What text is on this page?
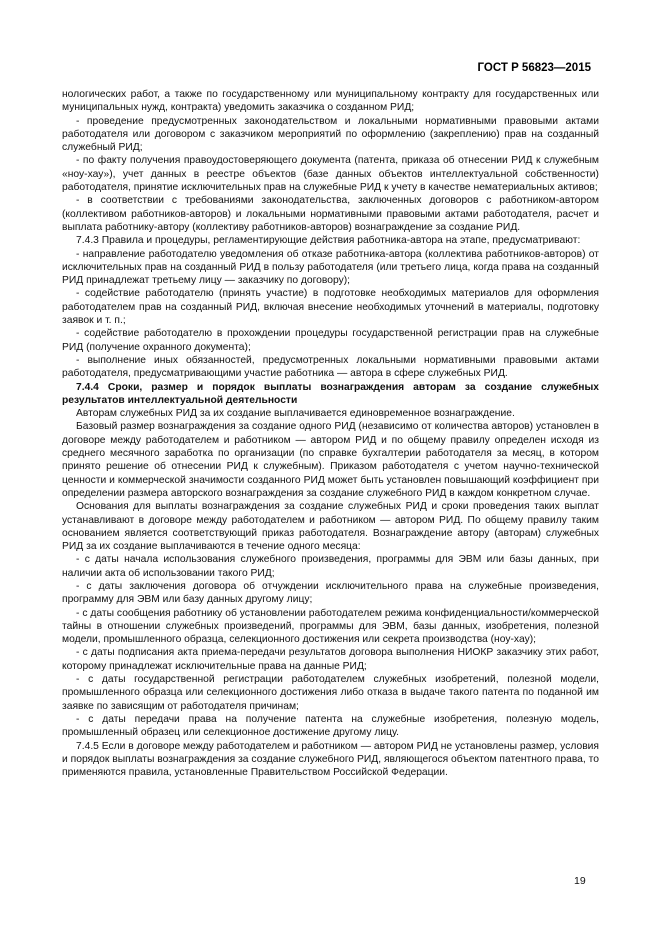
ГОСТ Р 56823—2015

нологических работ, а также по государственному или муниципальному контракту для государственных или муниципальных нужд, контракта) уведомить заказчика о созданном РИД;

- проведение предусмотренных законодательством и локальными нормативными правовыми актами работодателя или договором с заказчиком мероприятий по оформлению (закреплению) прав на созданный служебный РИД;

- по факту получения правоудостоверяющего документа (патента, приказа об отнесении РИД к служебным «ноу-хау»), учет данных в реестре объектов (базе данных объектов интеллектуальной собственности) работодателя, принятие исключительных прав на служебные РИД к учету в качестве нематериальных активов;

- в соответствии с требованиями законодательства, заключенных договоров с работником-автором (коллективом работников-авторов) и локальными нормативными правовыми актами работодателя, расчет и выплата работнику-автору (коллективу работников-авторов) вознаграждение за создание РИД.

7.4.3 Правила и процедуры, регламентирующие действия работника-автора на этапе, предусматривают:

- направление работодателю уведомления об отказе работника-автора (коллектива работников-авторов) от исключительных прав на созданный РИД в пользу работодателя (или третьего лица, когда права на созданный РИД принадлежат третьему лицу — заказчику по договору);

- содействие работодателю (принять участие) в подготовке необходимых материалов для оформления работодателем прав на созданный РИД, включая внесение необходимых уточнений в материалы, подготовку заявок и т. п.;

- содействие работодателю в прохождении процедуры государственной регистрации прав на служебные РИД (получение охранного документа);

- выполнение иных обязанностей, предусмотренных локальными нормативными правовыми актами работодателя, предусматривающими участие работника — автора в сфере служебных РИД.

7.4.4 Сроки, размер и порядок выплаты вознаграждения авторам за создание служебных результатов интеллектуальной деятельности

Авторам служебных РИД за их создание выплачивается единовременное вознаграждение.

Базовый размер вознаграждения за создание одного РИД (независимо от количества авторов) установлен в договоре между работодателем и работником — автором РИД и по общему правилу определен исходя из среднего месячного заработка по организации (по справке бухгалтерии работодателя за месяц, в котором принято решение об отнесении РИД к служебным). Приказом работодателя с учетом научно-технической ценности и коммерческой значимости созданного РИД может быть установлен повышающий коэффициент при определении размера авторского вознаграждения за создание служебного РИД в каждом конкретном случае.

Основания для выплаты вознаграждения за создание служебных РИД и сроки проведения таких выплат устанавливают в договоре между работодателем и работником — автором РИД. По общему правилу таким основанием является соответствующий приказ работодателя. Вознаграждение автору (авторам) служебных РИД за их создание выплачиваются в течение одного месяца:

- с даты начала использования служебного произведения, программы для ЭВМ или базы данных, при наличии акта об использовании такого РИД;

- с даты заключения договора об отчуждении исключительного права на служебные произведения, программу для ЭВМ или базу данных другому лицу;

- с даты сообщения работнику об установлении работодателем режима конфиденциальности/коммерческой тайны в отношении служебных произведений, программы для ЭВМ, базы данных, изобретения, полезной модели, промышленного образца, селекционного достижения или секрета производства (ноу-хау);

- с даты подписания акта приема-передачи результатов договора выполнения НИОКР заказчику этих работ, которому принадлежат исключительные права на данные РИД;

- с даты государственной регистрации работодателем служебных изобретений, полезной модели, промышленного образца или селекционного достижения либо отказа в выдаче такого патента по поданной им заявке по зависящим от работодателя причинам;

- с даты передачи права на получение патента на служебные изобретения, полезную модель, промышленный образец или селекционное достижение другому лицу.

7.4.5 Если в договоре между работодателем и работником — автором РИД не установлены размер, условия и порядок выплаты вознаграждения за создание служебного РИД, являющегося объектом патентного права, то применяются правила, установленные Правительством Российской Федерации.

19
